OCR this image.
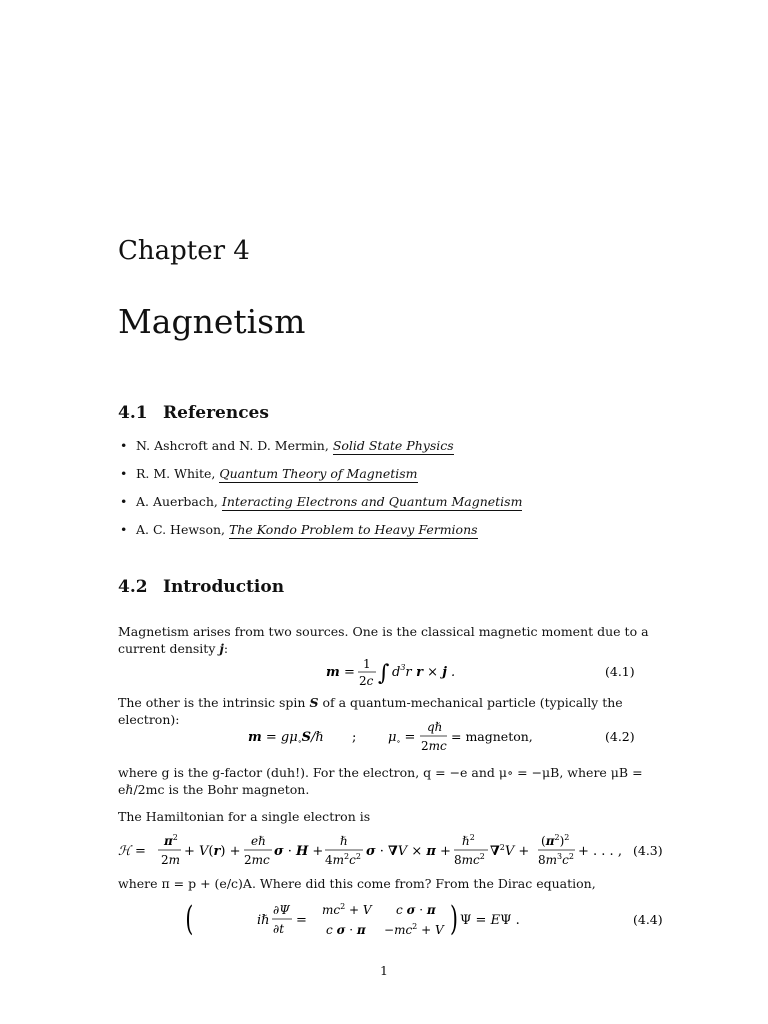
Chapter 4
Magnetism
4.1 References
• N. Ashcroft and N. D. Mermin, Solid State Physics
• R. M. White, Quantum Theory of Magnetism
• A. Auerbach, Interacting Electrons and Quantum Magnetism
• A. C. Hewson, The Kondo Problem to Heavy Fermions
4.2 Introduction
Magnetism arises from two sources. One is the classical magnetic moment due to a current density j:
m =
1
2c ∫ $d^3r$ r × j .	(4.1)
The other is the intrinsic spin S of a quantum-mechanical particle (typically the electron):
$m = g\mu_\circ S/\hbar$ ; $\mu_\circ$ =
qℏ
2mc
= magneton,	(4.2)
where g is the g-factor (duh!). For the electron, q = −e and μ∘ = −μB, where μB = eℏ/2mc is the Bohr magneton.
The Hamiltonian for a single electron is
ℋ =
$\pi^2$
2m
+ V(r) +
eℏ
2mc
σ · H +
ℏ
$4m^2c^2$ σ · ∇V × π +
ℏ$^2$
$8mc^2$ ∇$^2$V +
$(\pi^2)^2$
$8m^3c^2$ + . . . , (4.3)
where π = p + (e/c)A. Where did this come from? From the Dirac equation,
iℏ
∂Ψ
∂t
=
(	$mc^2 + V$ c σ · π
c $\sigma \cdot \pi -mc^2 + V$ ) Ψ = EΨ .	(4.4)
1
